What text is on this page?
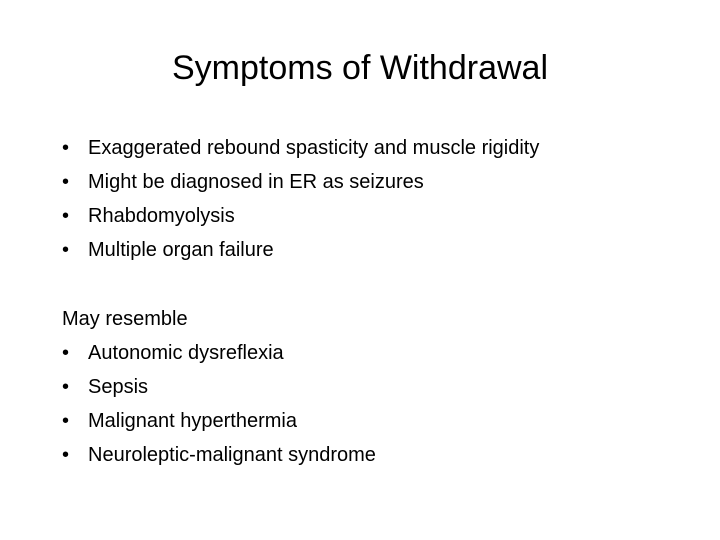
Symptoms of Withdrawal
• Exaggerated rebound spasticity and muscle rigidity
• Might be diagnosed in ER as seizures
• Rhabdomyolysis
• Multiple organ failure

May resemble

• Autonomic dysreflexia
• Sepsis
• Malignant hyperthermia
• Neuroleptic-malignant syndrome
